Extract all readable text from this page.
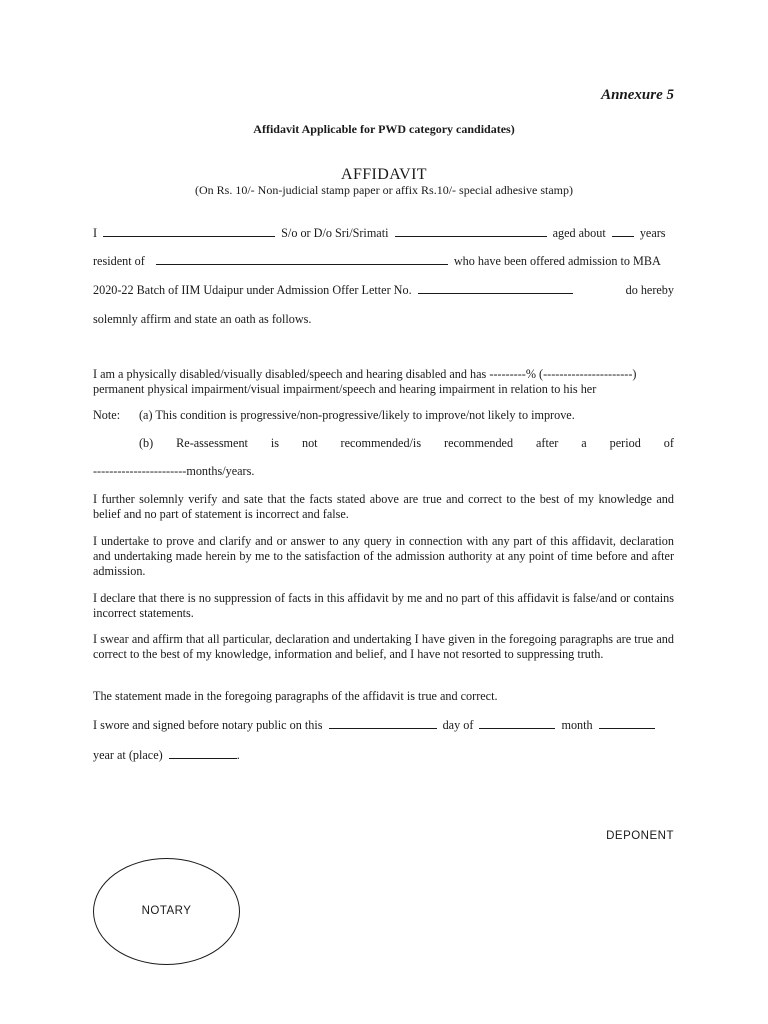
Annexure 5
Affidavit Applicable for PWD category candidates)
AFFIDAVIT
(On Rs. 10/- Non-judicial stamp paper or affix Rs.10/- special adhesive stamp)
I	S/o or D/o Sri/Srimati	aged about	years
resident of	who have been offered admission to MBA
2020-22 Batch of IIM Udaipur under Admission Offer Letter No.	do hereby
solemnly affirm and state an oath as follows.
I am a physically disabled/visually disabled/speech and hearing disabled and has ---------% (----------------------) permanent physical impairment/visual impairment/speech and hearing impairment in relation to his her
Note: (a) This condition is progressive/non-progressive/likely to improve/not likely to improve.
(b) Re-assessment is not recommended/is recommended after a period of
-----------------------months/years.
I further solemnly verify and sate that the facts stated above are true and correct to the best of my knowledge and belief and no part of statement is incorrect and false.
I undertake to prove and clarify and or answer to any query in connection with any part of this affidavit, declaration and undertaking made herein by me to the satisfaction of the admission authority at any point of time before and after admission.
I declare that there is no suppression of facts in this affidavit by me and no part of this affidavit is false/and or contains incorrect statements.
I swear and affirm that all particular, declaration and undertaking I have given in the foregoing paragraphs are true and correct to the best of my knowledge, information and belief, and I have not resorted to suppressing truth.
The statement made in the foregoing paragraphs of the affidavit is true and correct.
I swore and signed before notary public on this	day of	month
year at (place)	.
DEPONENT
NOTARY
